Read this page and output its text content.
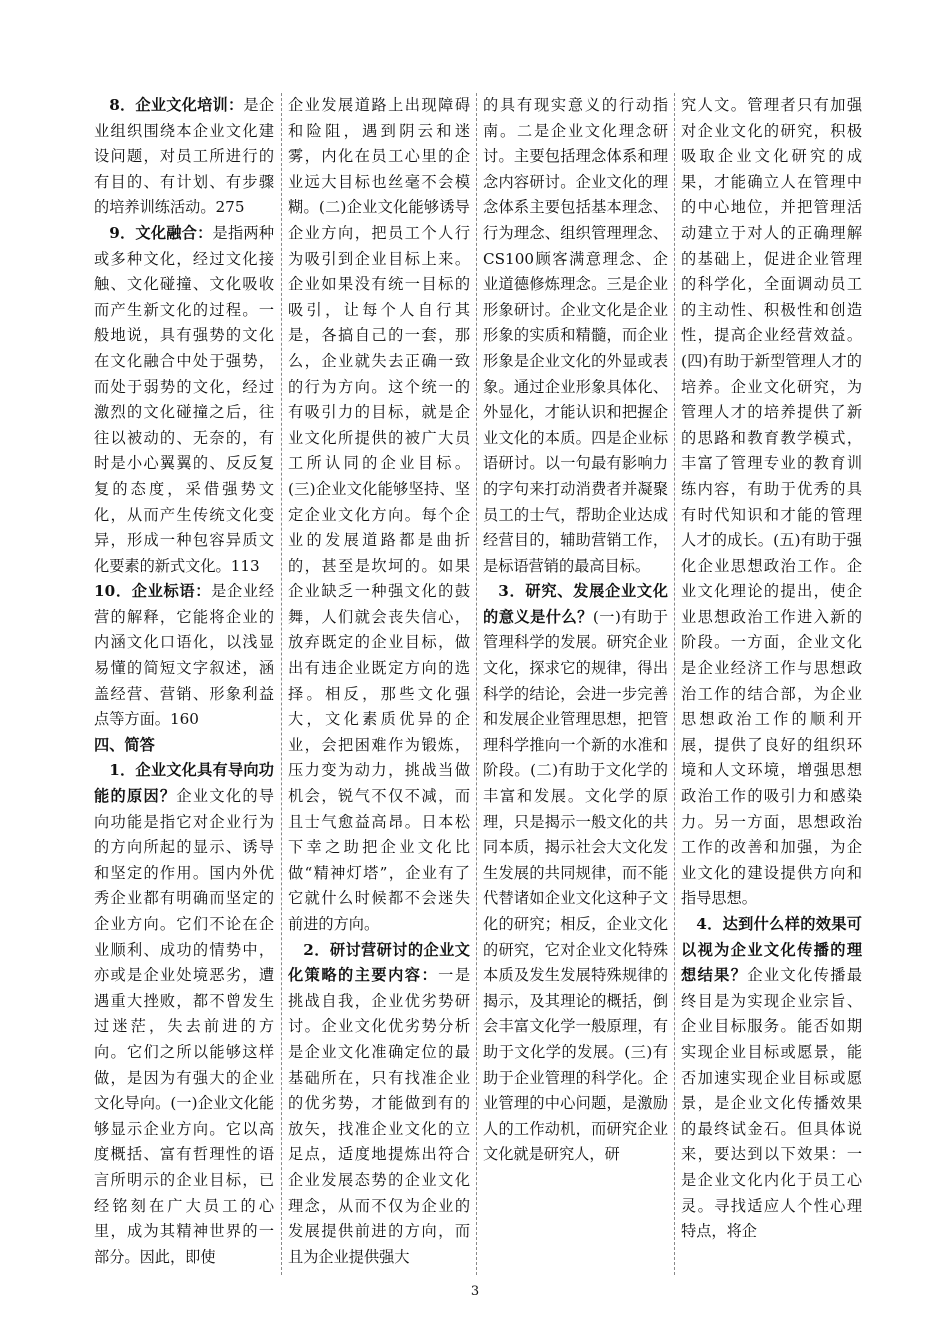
8．企业文化培训：是企业组织围绕本企业文化建设问题，对员工所进行的有目的、有计划、有步骤的培养训练活动。275

9．文化融合：是指两种或多种文化，经过文化接触、文化碰撞、文化吸收而产生新文化的过程。一般地说，具有强势的文化在文化融合中处于强势，而处于弱势的文化，经过激烈的文化碰撞之后，往往以被动的、无奈的，有时是小心翼翼的、反反复复的态度，采借强势文化，从而产生传统文化变异，形成一种包容异质文化要素的新式文化。113

10．企业标语：是企业经营的解释，它能将企业的内涵文化口语化，以浅显易懂的简短文字叙述，涵盖经营、营销、形象利益点等方面。160

四、简答

1．企业文化具有导向功能的原因？企业文化的导向功能是指它对企业行为的方向所起的显示、诱导和坚定的作用。国内外优秀企业都有明确而坚定的企业方向。它们不论在企业顺利、成功的情势中，亦或是企业处境恶劣，遭遇重大挫败，都不曾发生过迷茫，失去前进的方向。它们之所以能够这样做，是因为有强大的企业文化导向。(一)企业文化能够显示企业方向。它以高度概括、富有哲理性的语言所明示的企业目标，已经铭刻在广大员工的心里，成为其精神世界的一部分。因此，即使

企业发展道路上出现障碍和险阻，遇到阴云和迷雾，内化在员工心里的企业远大目标也丝毫不会模糊。(二)企业文化能够诱导企业方向，把员工个人行为吸引到企业目标上来。企业如果没有统一目标的吸引，让每个人自行其是，各搞自己的一套，那么，企业就失去正确一致的行为方向。这个统一的有吸引力的目标，就是企业文化所提供的被广大员工所认同的企业目标。 (三)企业文化能够坚持、坚定企业文化方向。每个企业的发展道路都是曲折的，甚至是坎坷的。如果企业缺乏一种强文化的鼓舞，人们就会丧失信心，放弃既定的企业目标，做出有违企业既定方向的选择。相反，那些文化强大，文化素质优异的企业，会把困难作为锻炼，压力变为动力，挑战当做机会，锐气不仅不减，而且士气愈益高昂。日本松下幸之助把企业文化比做“精神灯塔”，企业有了它就什么时候都不会迷失前进的方向。

2．研讨营研讨的企业文化策略的主要内容：一是挑战自我，企业优劣势研讨。企业文化优劣势分析是企业文化准确定位的最基础所在，只有找准企业的优劣势，才能做到有的放矢，找准企业文化的立足点，适度地提炼出符合企业发展态势的企业文化理念，从而不仅为企业的发展提供前进的方向，而且为企业提供强大

的具有现实意义的行动指南。二是企业文化理念研讨。主要包括理念体系和理念内容研讨。企业文化的理念体系主要包括基本理念、行为理念、组织管理理念、CS100顾客满意理念、企业道德修炼理念。三是企业形象研讨。企业文化是企业形象的实质和精髓，而企业形象是企业文化的外显或表象。通过企业形象具体化、外显化，才能认识和把握企业文化的本质。四是企业标语研讨。以一句最有影响力的字句来打动消费者并凝聚员工的士气，帮助企业达成经营目的，辅助营销工作，是标语营销的最高目标。

3．研究、发展企业文化的意义是什么？(一)有助于管理科学的发展。研究企业文化，探求它的规律，得出科学的结论，会进一步完善和发展企业管理思想，把管理科学推向一个新的水准和阶段。(二)有助于文化学的丰富和发展。文化学的原理，只是揭示一般文化的共同本质，揭示社会大文化发生发展的共同规律，而不能代替诸如企业文化这种子文化的研究；相反，企业文化的研究，它对企业文化特殊本质及发生发展特殊规律的揭示，及其理论的概括，倒会丰富文化学一般原理，有助于文化学的发展。(三)有助于企业管理的科学化。企业管理的中心问题，是激励人的工作动机，而研究企业文化就是研究人，研

究人文。管理者只有加强对企业文化的研究，积极吸取企业文化研究的成果，才能确立人在管理中的中心地位，并把管理活动建立于对人的正确理解的基础上，促进企业管理的科学化，全面调动员工的主动性、积极性和创造性，提高企业经营效益。(四)有助于新型管理人才的培养。企业文化研究，为管理人才的培养提供了新的思路和教育教学模式，丰富了管理专业的教育训练内容，有助于优秀的具有时代知识和才能的管理人才的成长。(五)有助于强化企业思想政治工作。企业文化理论的提出，使企业思想政治工作进入新的阶段。一方面，企业文化是企业经济工作与思想政治工作的结合部，为企业思想政治工作的顺利开展，提供了良好的组织环境和人文环境，增强思想政治工作的吸引力和感染力。另一方面，思想政治工作的改善和加强，为企业文化的建设提供方向和指导思想。

4．达到什么样的效果可以视为企业文化传播的理想结果？企业文化传播最终目是为实现企业宗旨、企业目标服务。能否如期实现企业目标或愿景，能否加速实现企业目标或愿景，是企业文化传播效果的最终试金石。但具体说来，要达到以下效果：一是企业文化内化于员工心灵。寻找适应人个性心理特点，将企

3
